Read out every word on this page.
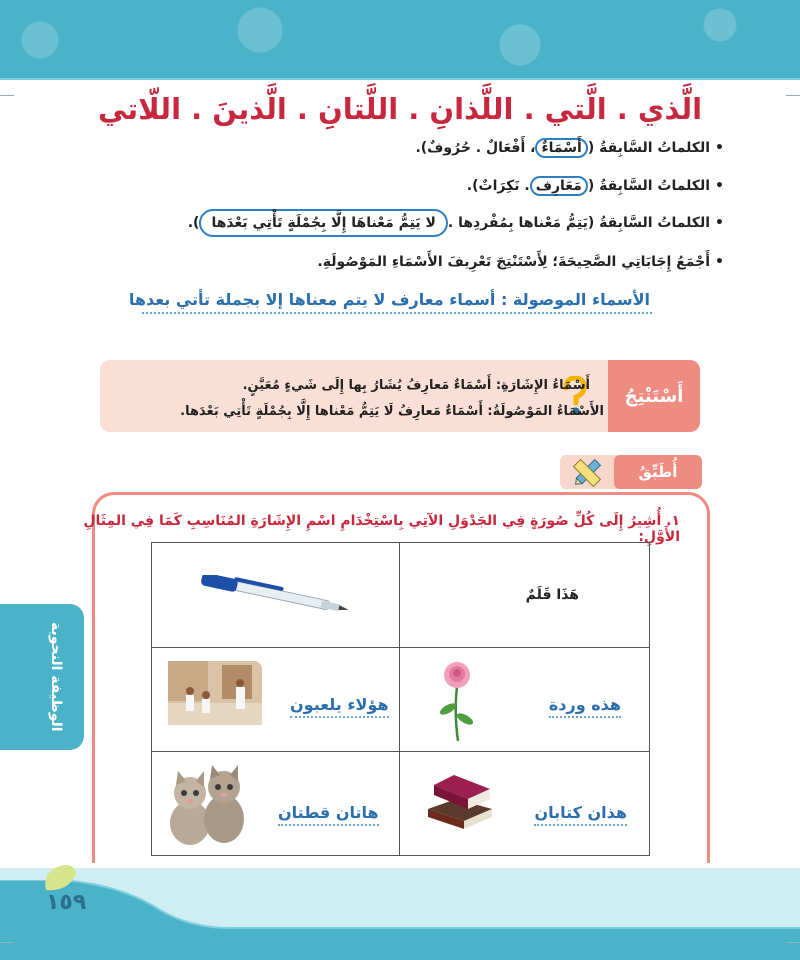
الَّذي . الَّتي . اللَّذانِ . اللَّتانِ . الَّذينَ . اللّاتي
• الكلماتُ السَّابِقةُ (أَسْمَاءٌ، أَفْعَالٌ . حُرُوفٌ).
• الكلماتُ السَّابِقةُ (مَعَارِف. نَكِرَاتٌ).
• الكلماتُ السَّابِقةُ (يَتِمُّ مَعْناها بِمُفْردِها .لا يَتِمُّ مَعْناهَا إِلَّا بِجُمْلَةٍ تَأْتِي بَعْدَها).
• أَجْمَعُ إِجَابَاتِي الصَّحِيحَةَ؛ لِأَسْتَنْتِجَ تَعْرِيفَ الأَسْمَاءِ المَوْصُولَةِ.
الأسماء الموصولة : أسماء معارف لا يتم معناها إلا بجملة تأتي بعدها
أَسْتَنْتِجُ
أَسْمَاءُ الإِشَارَةِ: أَسْمَاءٌ مَعارِفُ يُشَارُ بِها إِلَى شَيءٍ مُعَيَّنٍ.
الأَسْمَاءُ المَوْصُولَةُ: أَسْمَاءٌ مَعارِفُ لَا يَتِمُّ مَعْناها إِلَّا بِجُمْلَةٍ تَأْتِي بَعْدَها.
أُطَبِّقُ
١. أُشِيرُ إِلَى كُلِّ صُورَةٍ فِي الجَدْوَلِ الآتِي بِاسْتِخْدَامِ اسْمِ الإِشَارَةِ المُنَاسِبِ كَمَا فِي المِثَالِ الأَوَّلِ:
هَذَا قَلَمٌ
هذه وردة
هؤلاء يلعبون
هذان كتابان
هاتان قطتان
الوظيفة النحوية
١٥٩
